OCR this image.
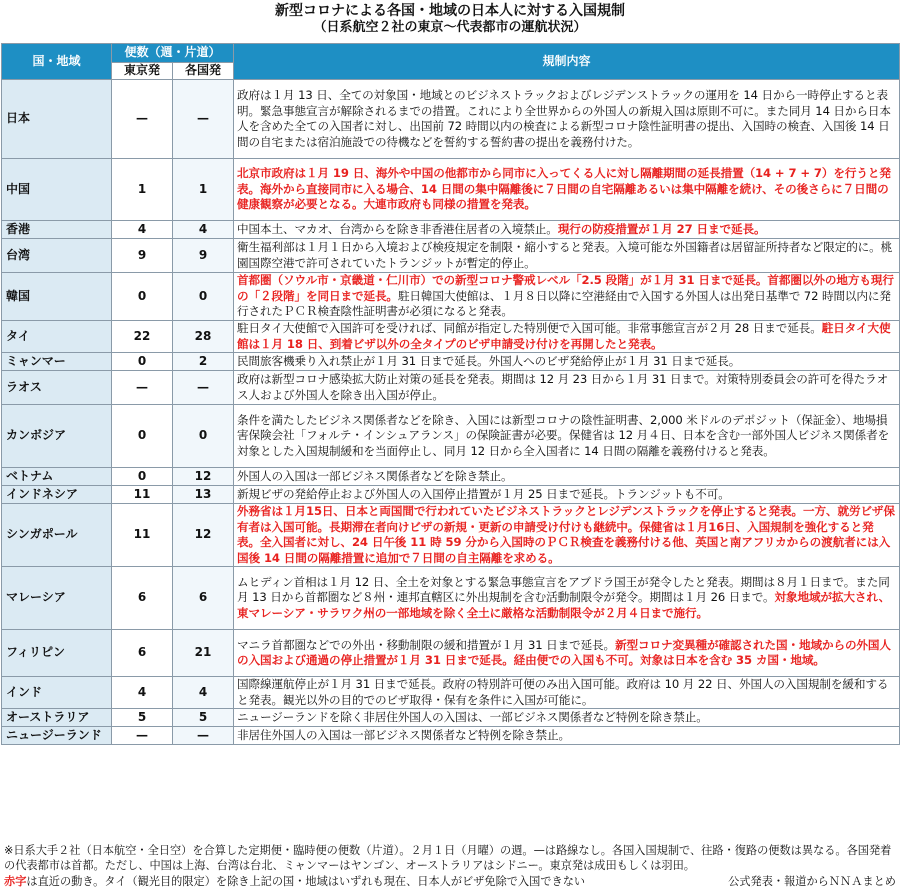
新型コロナによる各国・地域の日本人に対する入国規制
（日系航空２社の東京〜代表都市の運航状況）
国・地域	便数（週・片道）		規制内容
	東京発	各国発	
日本	—	—	政府は１月 13 日、全ての対象国・地域とのビジネストラックおよびレジデンストラックの運用を 14 日から一時停止すると表明。緊急事態宣言が解除されるまでの措置。これにより全世界からの外国人の新規入国は原則不可に。また同月 14 日から日本人を含めた全ての入国者に対し、出国前 72 時間以内の検査による新型コロナ陰性証明書の提出、入国時の検査、入国後 14 日間の自宅または宿泊施設での待機などを誓約する誓約書の提出を義務付けた。
中国	1	1	北京市政府は１月 19 日、海外や中国の他都市から同市に入ってくる人に対し隔離期間の延長措置（14 + 7 + 7）を行うと発表。海外から直接同市に入る場合、14 日間の集中隔離後に７日間の自宅隔離あるいは集中隔離を続け、その後さらに７日間の健康観察が必要となる。大連市政府も同様の措置を発表。
香港	4	4	中国本土、マカオ、台湾からを除き非香港住居者の入境禁止。現行の防疫措置が１月 27 日まで延長。
台湾	9	9	衛生福利部は１月１日から入境および検疫規定を制限・縮小すると発表。入境可能な外国籍者は居留証所持者など限定的に。桃園国際空港で許可されていたトランジットが暫定的停止。
韓国	0	0	首都圏（ソウル市・京畿道・仁川市）での新型コロナ警戒レベル「2.5 段階」が１月 31 日まで延長。首都圏以外の地方も現行の「２段階」を同日まで延長。駐日韓国大使館は、１月８日以降に空港経由で入国する外国人は出発日基準で 72 時間以内に発行されたＰＣＲ検査陰性証明書が必須になると発表。
タイ	22	28	駐日タイ大使館で入国許可を受ければ、同館が指定した特別便で入国可能。非常事態宣言が２月 28 日まで延長。駐日タイ大使館は１月 18 日、到着ビザ以外の全タイプのビザ申請受け付けを再開したと発表。
ミャンマー	0	2	民間旅客機乗り入れ禁止が１月 31 日まで延長。外国人へのビザ発給停止が１月 31 日まで延長。
ラオス	—	—	政府は新型コロナ感染拡大防止対策の延長を発表。期間は 12 月 23 日から１月 31 日まで。対策特別委員会の許可を得たラオス人および外国人を除き出入国が停止。
カンボジア	0	0	条件を満たしたビジネス関係者などを除き、入国には新型コロナの陰性証明書、2,000 米ドルのデポジット（保証金）、地場損害保険会社「フォルテ・インシュアランス」の保険証書が必要。保健省は 12 月４日、日本を含む一部外国人ビジネス関係者を対象とした入国規制緩和を当面停止し、同月 12 日から全入国者に 14 日間の隔離を義務付けると発表。
ベトナム	0	12	外国人の入国は一部ビジネス関係者などを除き禁止。
インドネシア	11	13	新規ビザの発給停止および外国人の入国停止措置が１月 25 日まで延長。トランジットも不可。
シンガポール	11	12	外務省は１月15日、日本と両国間で行われていたビジネストラックとレジデンストラックを停止すると発表。一方、就労ビザ保有者は入国可能。長期滞在者向けビザの新規・更新の申請受け付けも継続中。保健省は１月16日、入国規制を強化すると発表。全入国者に対し、24 日午後 11 時 59 分から入国時のＰＣＲ検査を義務付ける他、英国と南アフリカからの渡航者には入国後 14 日間の隔離措置に追加で７日間の自主隔離を求める。
マレーシア	6	6	ムヒディン首相は１月 12 日、全土を対象とする緊急事態宣言をアブドラ国王が発令したと発表。期間は８月１日まで。また同月 13 日から首都圏など８州・連邦直轄区に外出規制を含む活動制限令が発令。期間は１月 26 日まで。対象地域が拡大され、東マレーシア・サラワク州の一部地域を除く全土に厳格な活動制限令が２月４日まで施行。
フィリピン	6	21	マニラ首都圏などでの外出・移動制限の緩和措置が１月 31 日まで延長。新型コロナ変異種が確認された国・地域からの外国人の入国および通過の停止措置が１月 31 日まで延長。経由便での入国も不可。対象は日本を含む 35 カ国・地域。
インド	4	4	国際線運航停止が１月 31 日まで延長。政府の特別許可便のみ出入国可能。政府は 10 月 22 日、外国人の入国規制を緩和すると発表。観光以外の目的でのビザ取得・保有を条件に入国が可能に。
オーストラリア	5	5	ニュージーランドを除く非居住外国人の入国は、一部ビジネス関係者など特例を除き禁止。
ニュージーランド	—	—	非居住外国人の入国は一部ビジネス関係者など特例を除き禁止。
※日系大手２社（日本航空・全日空）を合算した定期便・臨時便の便数（片道）。２月１日（月曜）の週。—は路線なし。各国入国規制で、往路・復路の便数は異なる。各国発着の代表都市は首都。ただし、中国は上海、台湾は台北、ミャンマーはヤンゴン、オーストラリアはシドニー。東京発は成田もしくは羽田。
赤字は直近の動き。タイ（観光目的限定）を除き上記の国・地域はいずれも現在、日本人がビザ免除で入国できない	公式発表・報道からＮＮＡまとめ
